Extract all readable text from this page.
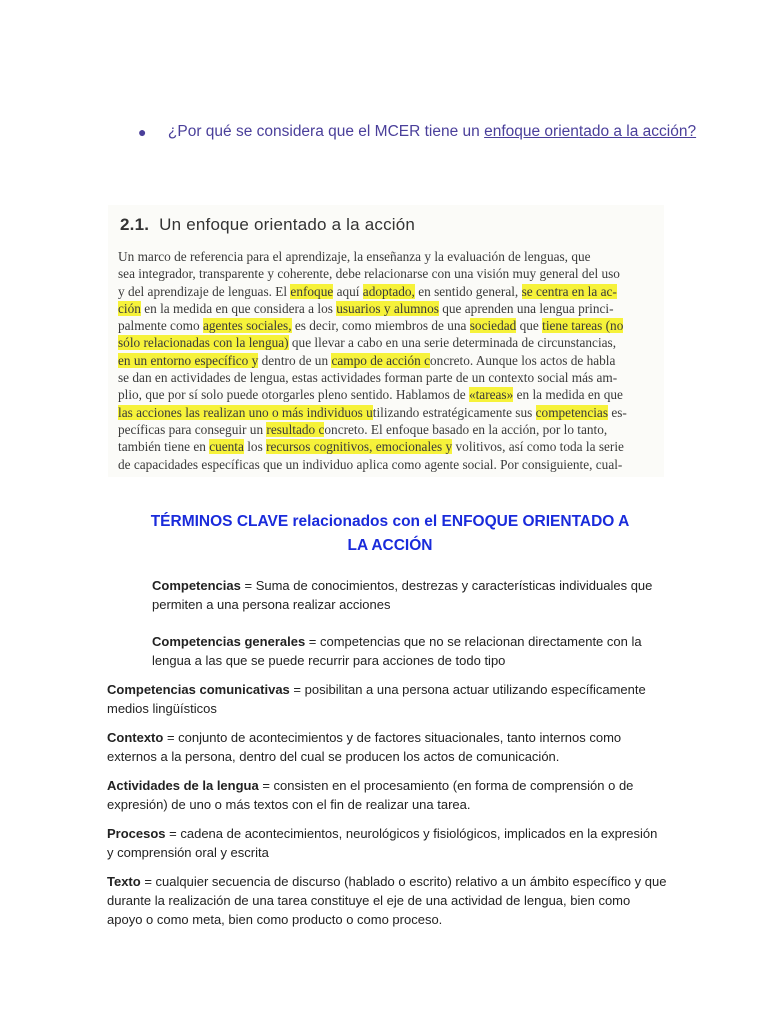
●	¿Por qué se considera que el MCER tiene un enfoque orientado a la acción?
2.1. Un enfoque orientado a la acción
Un marco de referencia para el aprendizaje, la enseñanza y la evaluación de lenguas, que
sea integrador, transparente y coherente, debe relacionarse con una visión muy general del uso
y del aprendizaje de lenguas. El enfoque aquí adoptado, en sentido general, se centra en la ac-
ción en la medida en que considera a los usuarios y alumnos que aprenden una lengua princi-
palmente como agentes sociales, es decir, como miembros de una sociedad que tiene tareas (no
sólo relacionadas con la lengua) que llevar a cabo en una serie determinada de circunstancias,
en un entorno específico y dentro de un campo de acción concreto. Aunque los actos de habla
se dan en actividades de lengua, estas actividades forman parte de un contexto social más am-
plio, que por sí solo puede otorgarles pleno sentido. Hablamos de «tareas» en la medida en que
las acciones las realizan uno o más individuos utilizando estratégicamente sus competencias es-
pecíficas para conseguir un resultado concreto. El enfoque basado en la acción, por lo tanto,
también tiene en cuenta los recursos cognitivos, emocionales y volitivos, así como toda la serie
de capacidades específicas que un individuo aplica como agente social. Por consiguiente, cual-
TÉRMINOS CLAVE relacionados con el ENFOQUE ORIENTADO A LA ACCIÓN
Competencias = Suma de conocimientos, destrezas y características individuales que permiten a una persona realizar acciones
Competencias generales = competencias que no se relacionan directamente con la lengua a las que se puede recurrir para acciones de todo tipo
Competencias comunicativas = posibilitan a una persona actuar utilizando específicamente medios lingüísticos
Contexto = conjunto de acontecimientos y de factores situacionales, tanto internos como externos a la persona, dentro del cual se producen los actos de comunicación.
Actividades de la lengua = consisten en el procesamiento (en forma de comprensión o de expresión) de uno o más textos con el fin de realizar una tarea.
Procesos = cadena de acontecimientos, neurológicos y fisiológicos, implicados en la expresión y comprensión oral y escrita
Texto = cualquier secuencia de discurso (hablado o escrito) relativo a un ámbito específico y que durante la realización de una tarea constituye el eje de una actividad de lengua, bien como apoyo o como meta, bien como producto o como proceso.
